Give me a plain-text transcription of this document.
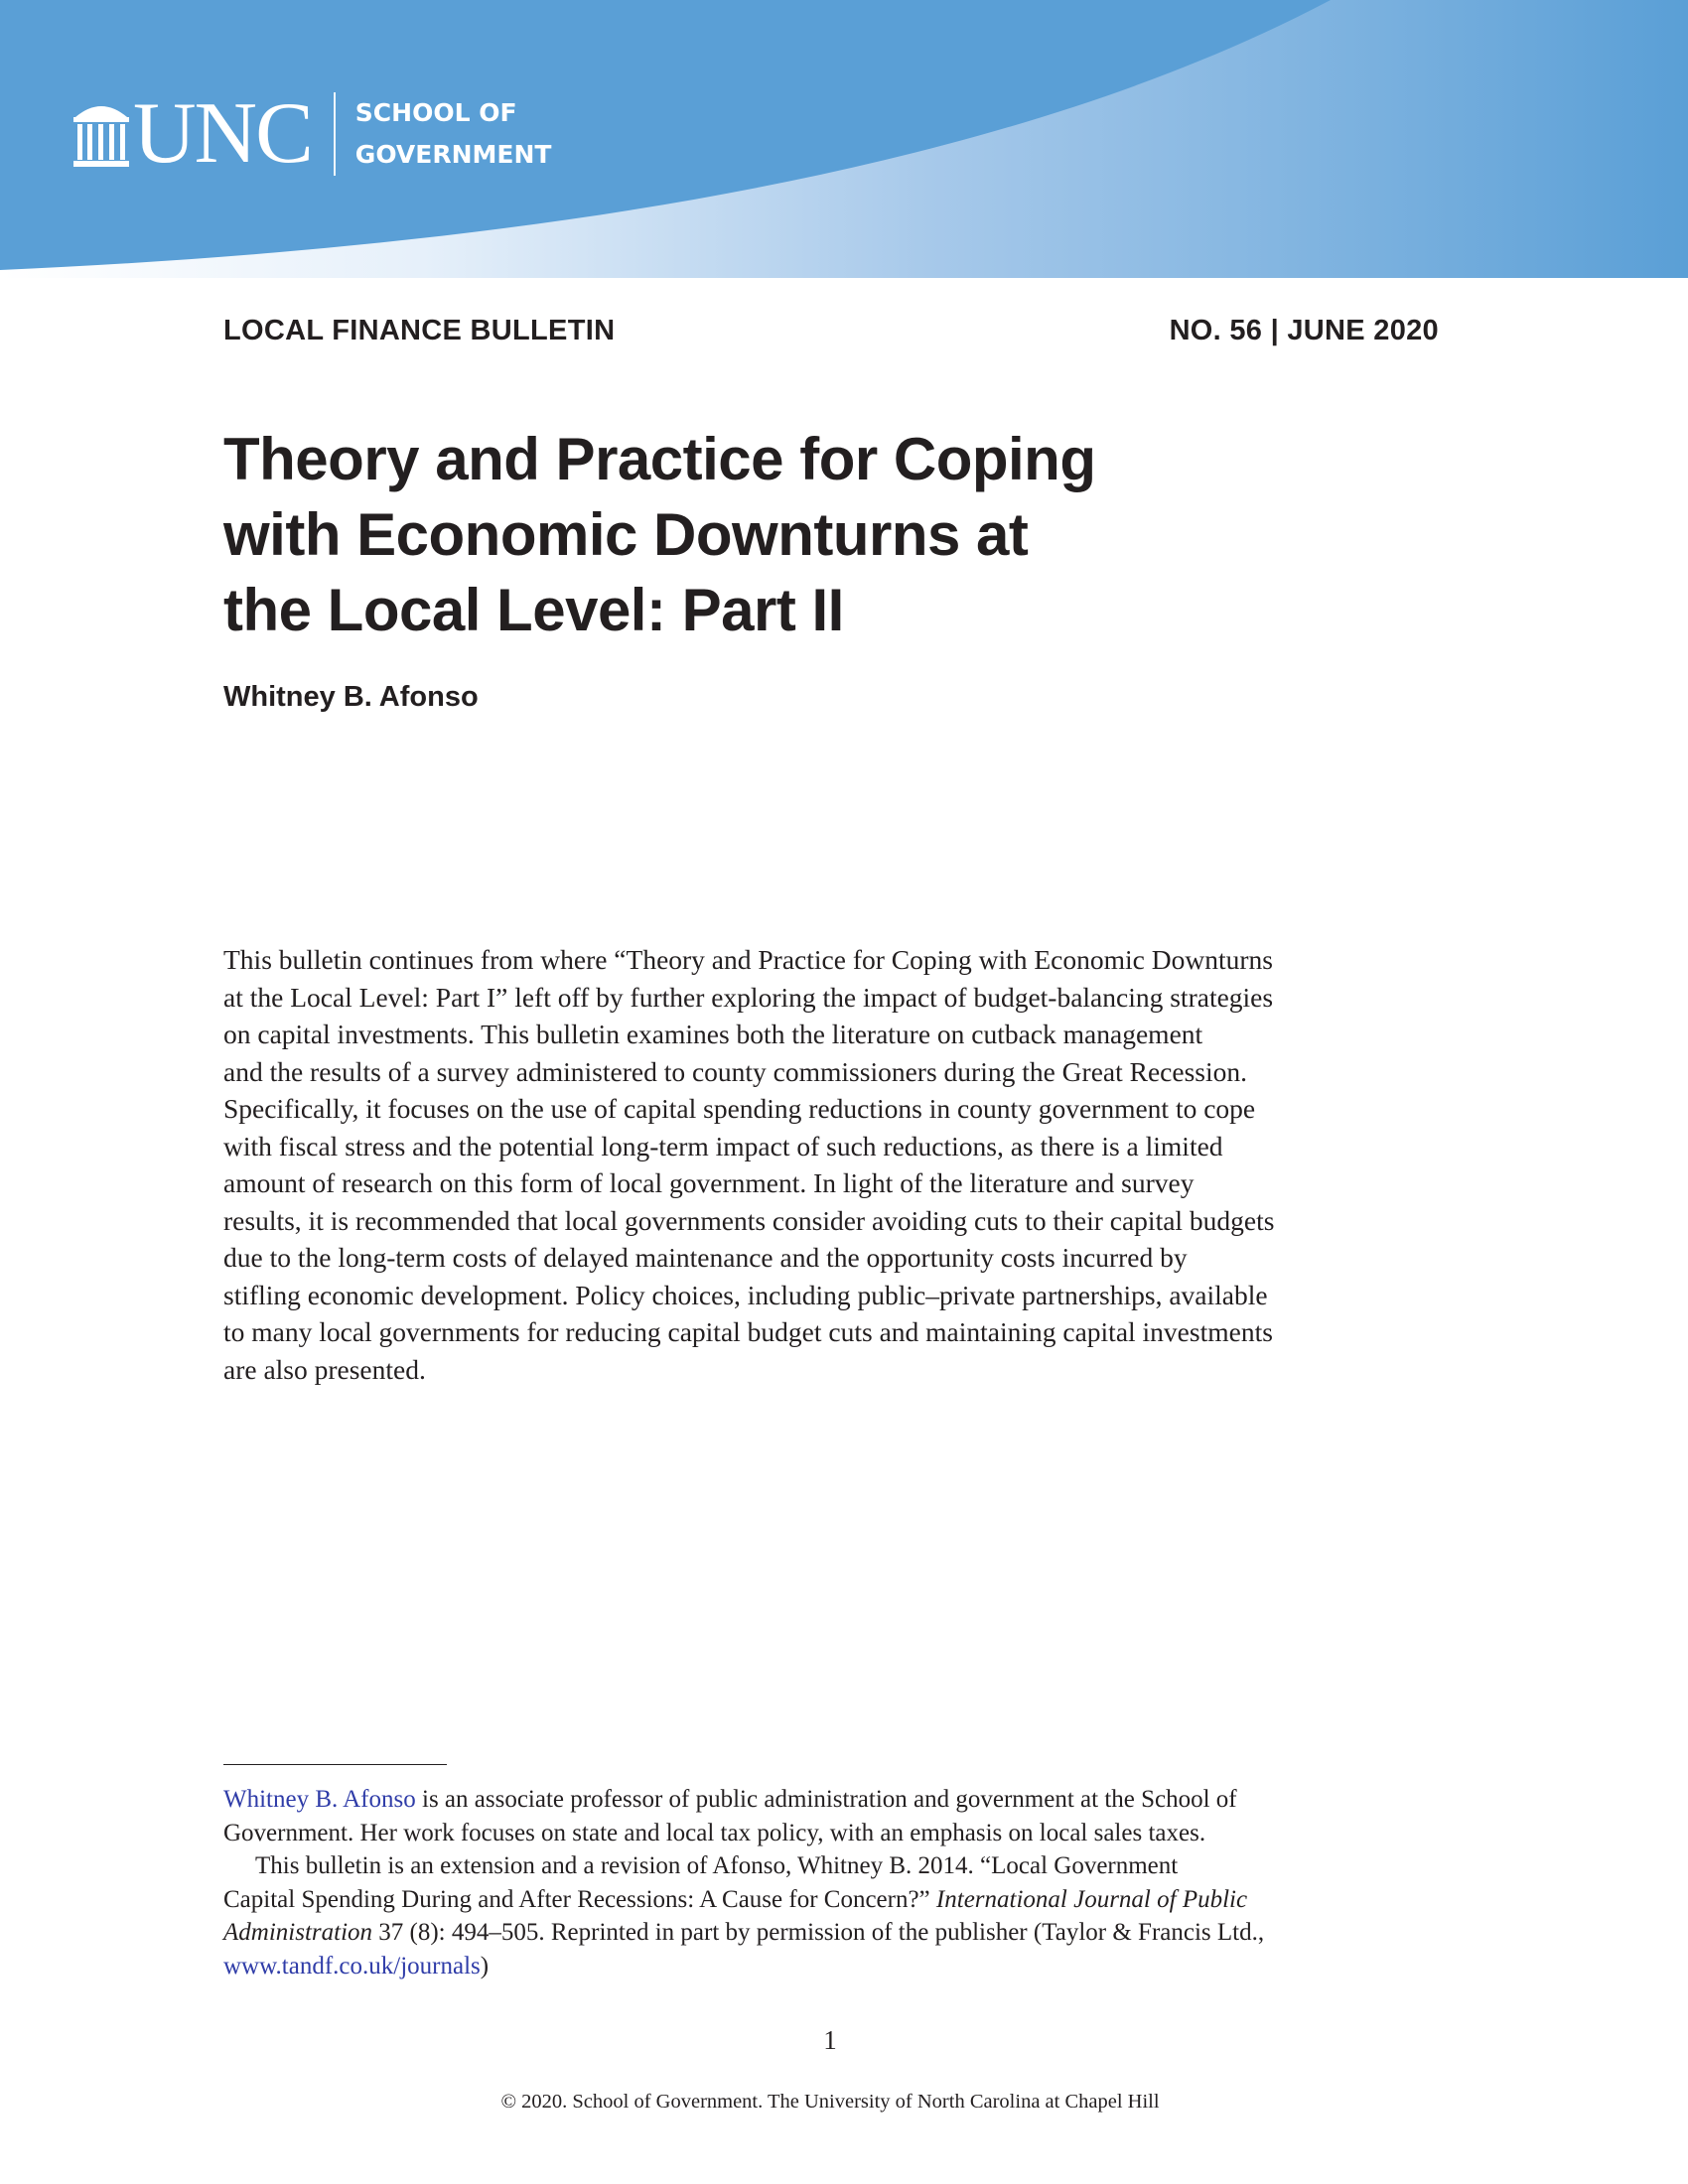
UNC SCHOOL OF
GOVERNMENT
LOCAL FINANCE BULLETIN	NO. 56 | JUNE 2020
Theory and Practice for Coping
with Economic Downturns at
the Local Level: Part II
Whitney B. Afonso
This bulletin continues from where “Theory and Practice for Coping with Economic Downturns
at the Local Level: Part I” left off by further exploring the impact of budget-balancing strategies
on capital investments. This bulletin examines both the literature on cutback management
and the results of a survey administered to county commissioners during the Great Recession.
Specifically, it focuses on the use of capital spending reductions in county government to cope
with fiscal stress and the potential long-term impact of such reductions, as there is a limited
amount of research on this form of local government. In light of the literature and survey
results, it is recommended that local governments consider avoiding cuts to their capital budgets
due to the long-term costs of delayed maintenance and the opportunity costs incurred by
stifling economic development. Policy choices, including public–private partnerships, available
to many local governments for reducing capital budget cuts and maintaining capital investments
are also presented.
Whitney B. Afonso is an associate professor of public administration and government at the School of
Government. Her work focuses on state and local tax policy, with an emphasis on local sales taxes.
This bulletin is an extension and a revision of Afonso, Whitney B. 2014. “Local Government
Capital Spending During and After Recessions: A Cause for Concern?” International Journal of Public
Administration 37 (8): 494–505. Reprinted in part by permission of the publisher (Taylor & Francis Ltd.,
www.tandf.co.uk/journals)
1
© 2020. School of Government. The University of North Carolina at Chapel Hill
